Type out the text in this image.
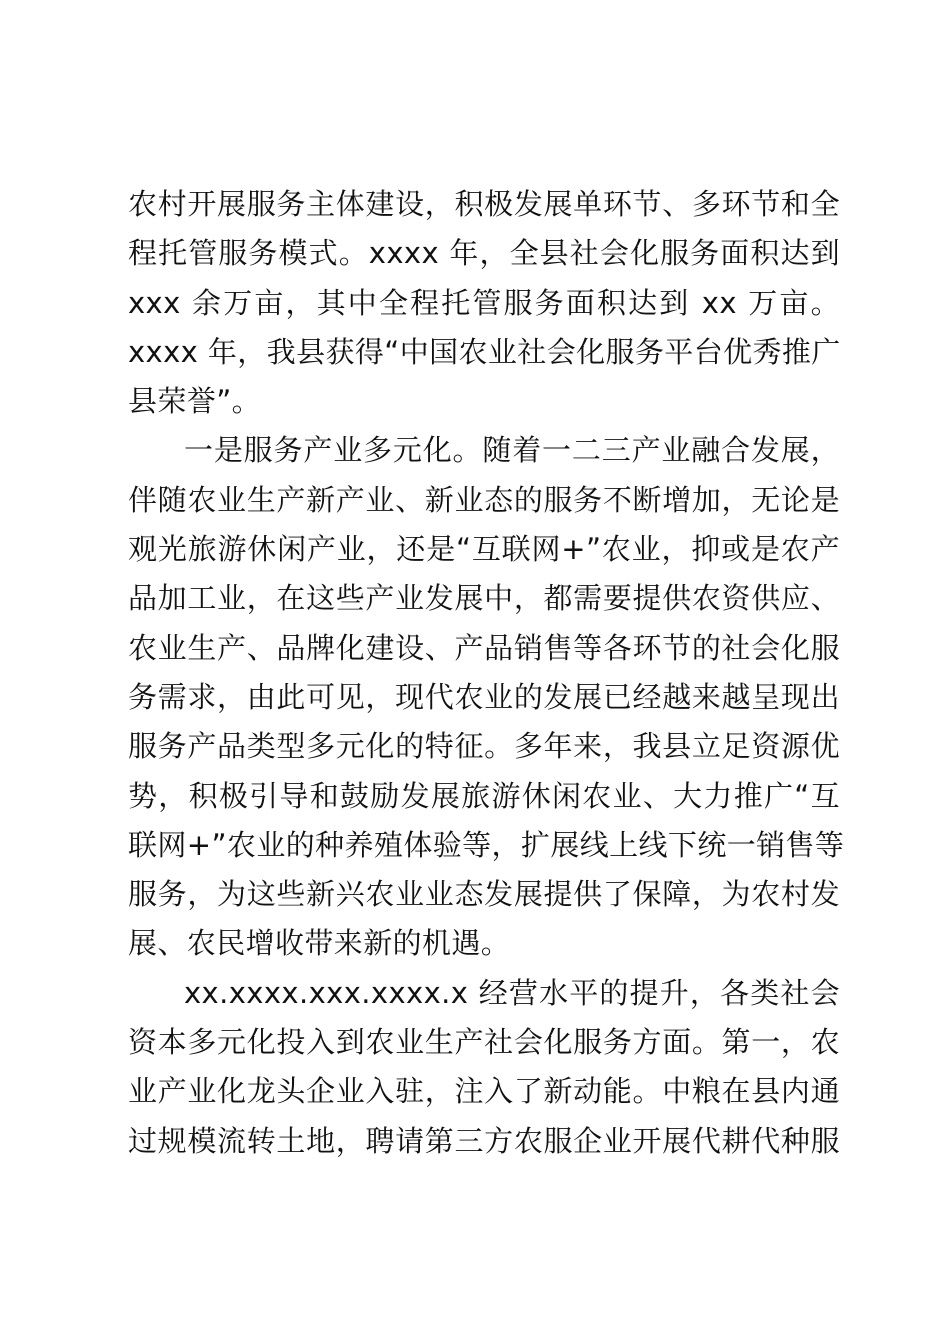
农村开展服务主体建设，积极发展单环节、多环节和全
程托管服务模式。xxxx 年，全县社会化服务面积达到
xxx 余万亩，其中全程托管服务面积达到 xx 万亩。
xxxx 年，我县获得“中国农业社会化服务平台优秀推广
县荣誉”。
一是服务产业多元化。随着一二三产业融合发展，
伴随农业生产新产业、新业态的服务不断增加，无论是
观光旅游休闲产业，还是“互联网+”农业，抑或是农产
品加工业，在这些产业发展中，都需要提供农资供应、
农业生产、品牌化建设、产品销售等各环节的社会化服
务需求，由此可见，现代农业的发展已经越来越呈现出
服务产品类型多元化的特征。多年来，我县立足资源优
势，积极引导和鼓励发展旅游休闲农业、大力推广“互
联网+”农业的种养殖体验等，扩展线上线下统一销售等
服务，为这些新兴农业业态发展提供了保障，为农村发
展、农民增收带来新的机遇。
xx.xxxx.xxx.xxxx.x 经营水平的提升，各类社会
资本多元化投入到农业生产社会化服务方面。第一，农
业产业化龙头企业入驻，注入了新动能。中粮在县内通
过规模流转土地，聘请第三方农服企业开展代耕代种服
